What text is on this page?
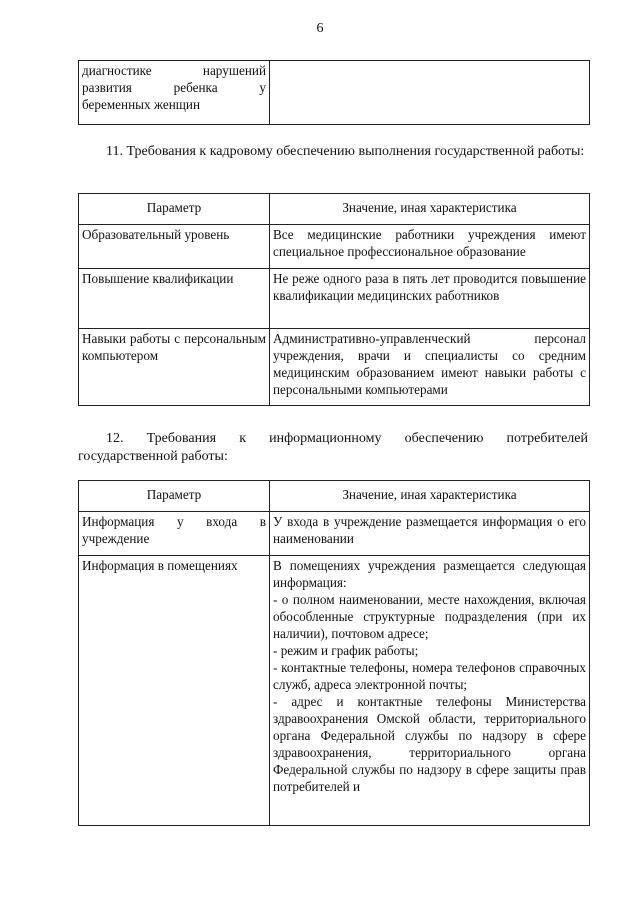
6
диагностике нарушений
развития ребенка у
беременных женщин

11. Требования к кадровому обеспечению выполнения государственной работы:
Параметр	Значение, иная характеристика
Образовательный уровень	Все медицинские работники учреждения имеют специальное профессиональное образование
Повышение квалификации	Не реже одного раза в пять лет проводится повышение квалификации медицинских работников
Навыки работы с персональным компьютером	Административно-управленческий персонал учреждения, врачи и специалисты со средним медицинским образованием имеют навыки работы с персональными компьютерами
12. Требования к информационному обеспечению потребителей государственной работы:
Параметр	Значение, иная характеристика
Информация у входа в учреждение	У входа в учреждение размещается информация о его наименовании
Информация в помещениях	В помещениях учреждения размещается следующая информация:
- о полном наименовании, месте нахождения, включая обособленные структурные подразделения (при их наличии), почтовом адресе;
- режим и график работы;
- контактные телефоны, номера телефонов справочных служб, адреса электронной почты;
- адрес и контактные телефоны Министерства здравоохранения Омской области, территориального органа Федеральной службы по надзору в сфере здравоохранения, территориального органа Федеральной службы по надзору в сфере защиты прав потребителей и
